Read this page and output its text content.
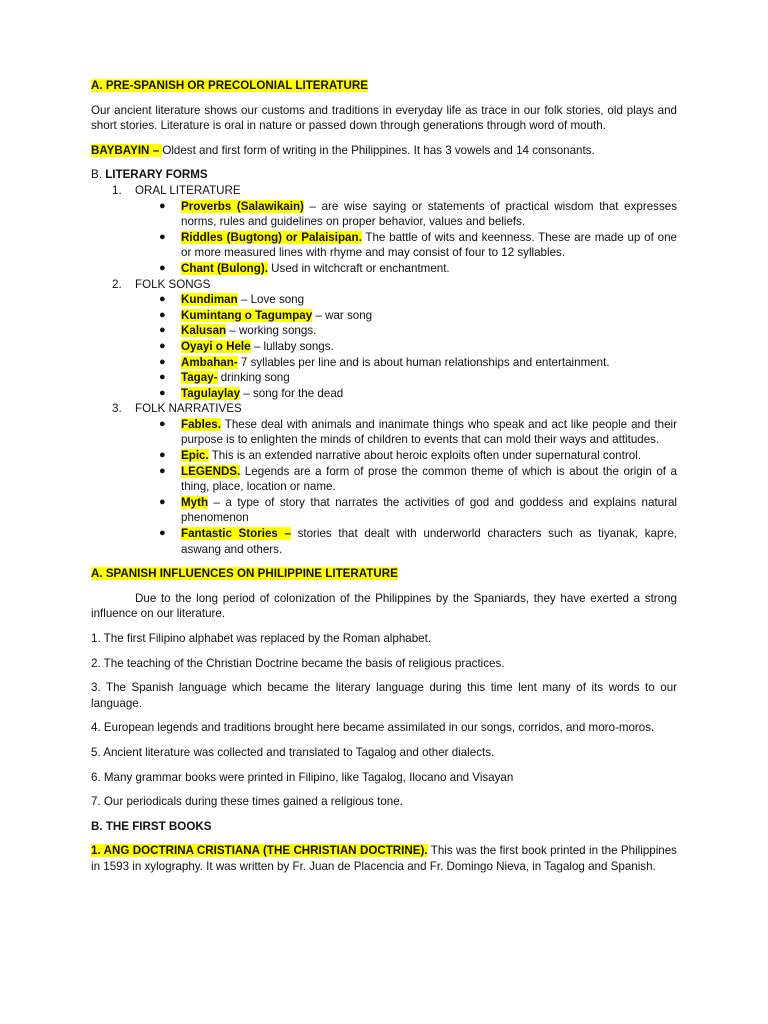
A. PRE-SPANISH OR PRECOLONIAL LITERATURE

Our ancient literature shows our customs and traditions in everyday life as trace in our folk stories, old plays and short stories. Literature is oral in nature or passed down through generations through word of mouth.

BAYBAYIN – Oldest and first form of writing in the Philippines. It has 3 vowels and 14 consonants.

B. LITERARY FORMS

1. ORAL LITERATURE
● Proverbs (Salawikain) – are wise saying or statements of practical wisdom that expresses norms, rules and guidelines on proper behavior, values and beliefs.
● Riddles (Bugtong) or Palaisipan. The battle of wits and keenness. These are made up of one or more measured lines with rhyme and may consist of four to 12 syllables.
● Chant (Bulong). Used in witchcraft or enchantment.
2. FOLK SONGS
● Kundiman – Love song
● Kumintang o Tagumpay – war song
● Kalusan – working songs.
● Oyayi o Hele – lullaby songs.
● Ambahan- 7 syllables per line and is about human relationships and entertainment.
● Tagay- drinking song
● Tagulaylay – song for the dead
3. FOLK NARRATIVES
● Fables. These deal with animals and inanimate things who speak and act like people and their purpose is to enlighten the minds of children to events that can mold their ways and attitudes.
● Epic. This is an extended narrative about heroic exploits often under supernatural control.
● LEGENDS. Legends are a form of prose the common theme of which is about the origin of a thing, place, location or name.
● Myth – a type of story that narrates the activities of god and goddess and explains natural phenomenon
● Fantastic Stories – stories that dealt with underworld characters such as tiyanak, kapre, aswang and others.

A. SPANISH INFLUENCES ON PHILIPPINE LITERATURE

Due to the long period of colonization of the Philippines by the Spaniards, they have exerted a strong influence on our literature.

1. The first Filipino alphabet was replaced by the Roman alphabet.

2. The teaching of the Christian Doctrine became the basis of religious practices.

3. The Spanish language which became the literary language during this time lent many of its words to our language.

4. European legends and traditions brought here became assimilated in our songs, corridos, and moro-moros.

5. Ancient literature was collected and translated to Tagalog and other dialects.

6. Many grammar books were printed in Filipino, like Tagalog, Ilocano and Visayan

7. Our periodicals during these times gained a religious tone.

B. THE FIRST BOOKS

1. ANG DOCTRINA CRISTIANA (THE CHRISTIAN DOCTRINE). This was the first book printed in the Philippines in 1593 in xylography. It was written by Fr. Juan de Placencia and Fr. Domingo Nieva, in Tagalog and Spanish.
